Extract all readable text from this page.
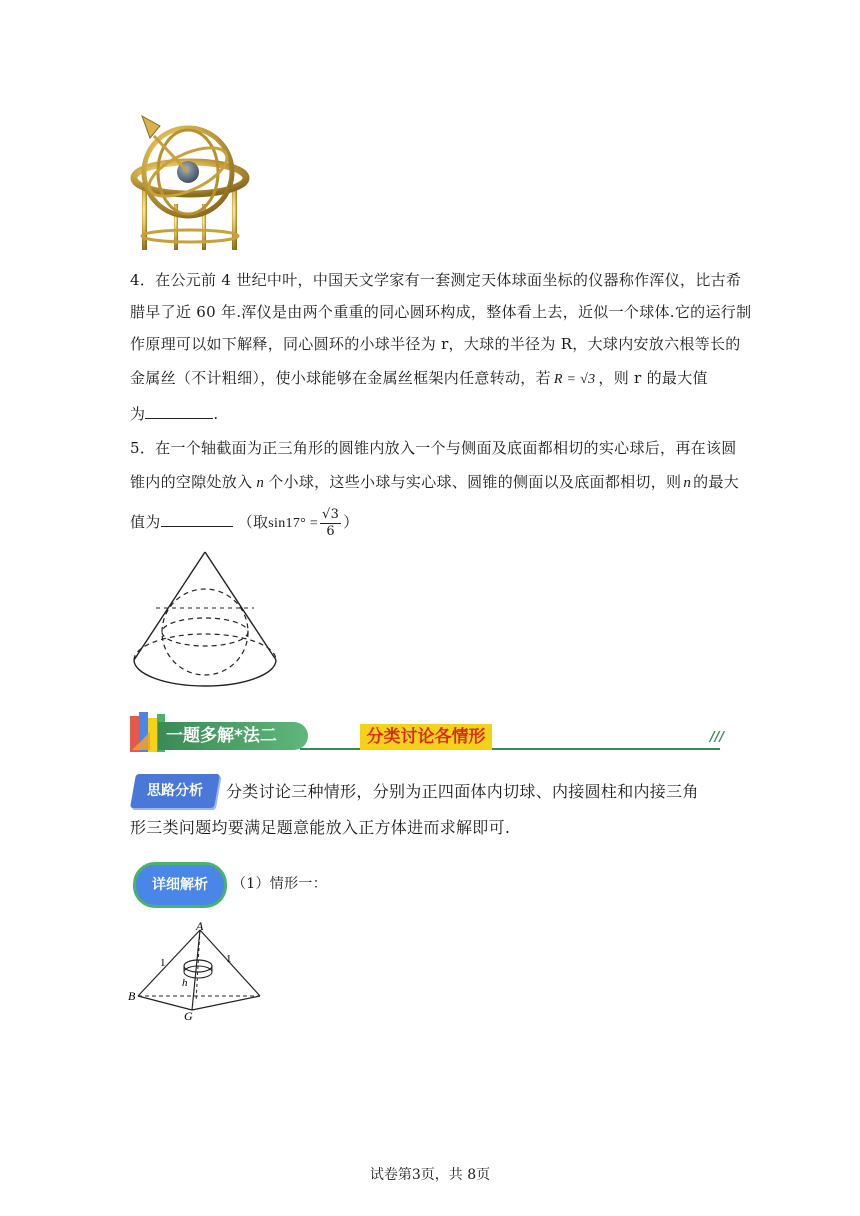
4．在公元前 4 世纪中叶，中国天文学家有一套测定天体球面坐标的仪器称作浑仪，比古希
腊早了近 60 年.浑仪是由两个重重的同心圆环构成，整体看上去，近似一个球体.它的运行制
作原理可以如下解释，同心圆环的小球半径为 r，大球的半径为 R，大球内安放六根等长的
金属丝（不计粗细），使小球能够在金属丝框架内任意转动，若 R = √3 ，则 r 的最大值
为	.
5．在一个轴截面为正三角形的圆锥内放入一个与侧面及底面都相切的实心球后，再在该圆
锥内的空隙处放入 n 个小球，这些小球与实心球、圆锥的侧面以及底面都相切，则 n 的最大
值为	（取$\sin 17^\circ = \frac{√3}{6}$ ）
一题多解*法二	分类讨论各情形	///
思路分析	分类讨论三种情形，分别为正四面体内切球、内接圆柱和内接三角
形三类问题均要满足题意能放入正方体进而求解即可.
详细解析	（1）情形一：
A
B
G
h
1	1
试卷第3页，共 8页
